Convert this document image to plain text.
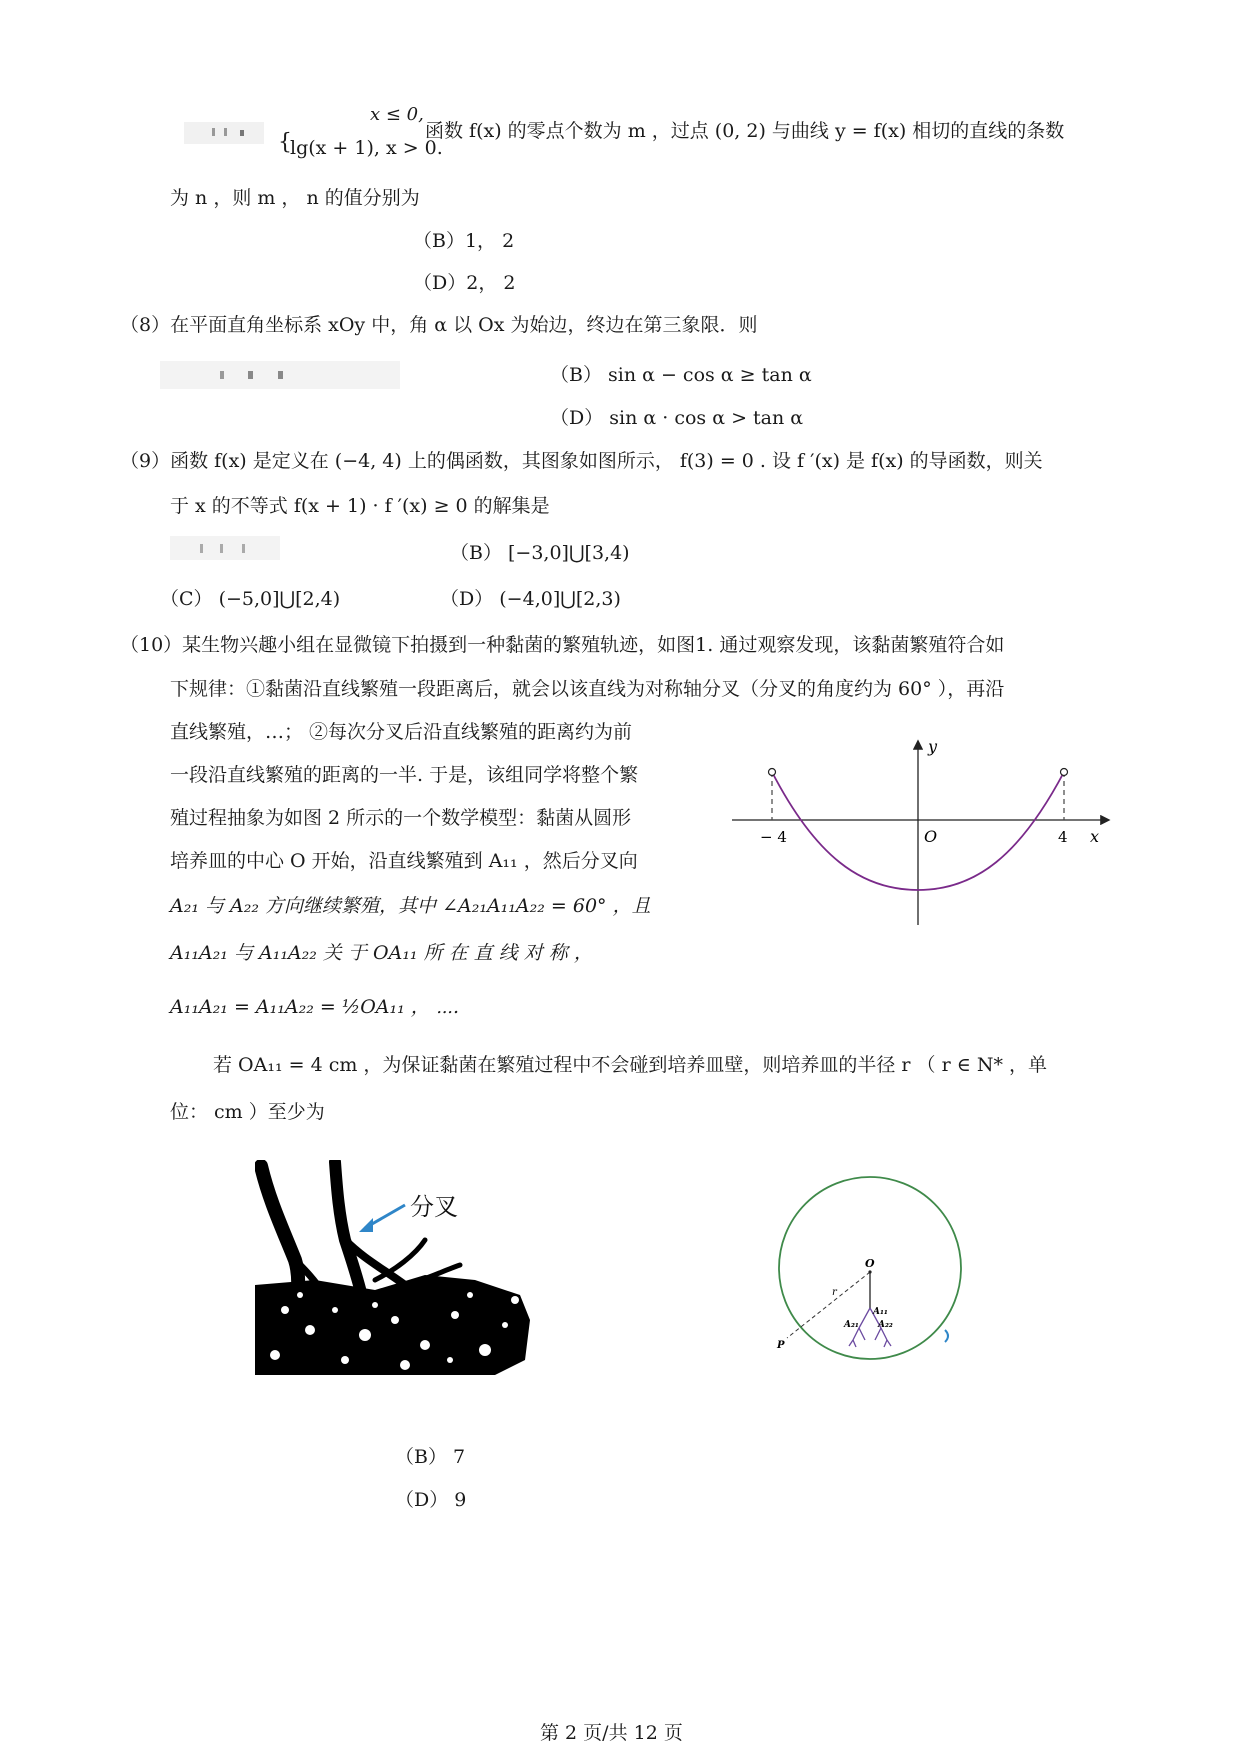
x ≤ 0,
{
lg(x + 1), x > 0.
函数 f(x) 的零点个数为 m ，过点 (0, 2) 与曲线 y = f(x) 相切的直线的条数
为 n ，则 m ， n 的值分别为
（B）1， 2
（D）2， 2
（8）在平面直角坐标系 xOy 中，角 α 以 Ox 为始边，终边在第三象限．则
（B） sin α − cos α ≥ tan α
（D） sin α · cos α > tan α
（9）函数 f(x) 是定义在 (−4, 4) 上的偶函数，其图象如图所示， f(3) = 0 . 设 f ′(x) 是 f(x) 的导函数，则关
于 x 的不等式 f(x + 1) · f ′(x) ≥ 0 的解集是
（B） [−3,0]⋃[3,4)
（C） (−5,0]⋃[2,4)	（D） (−4,0]⋃[2,3)
（10）某生物兴趣小组在显微镜下拍摄到一种黏菌的繁殖轨迹，如图1. 通过观察发现，该黏菌繁殖符合如
下规律：①黏菌沿直线繁殖一段距离后，就会以该直线为对称轴分叉（分叉的角度约为 60° ），再沿
直线繁殖，…； ②每次分叉后沿直线繁殖的距离约为前
一段沿直线繁殖的距离的一半. 于是，该组同学将整个繁
殖过程抽象为如图 2 所示的一个数学模型：黏菌从圆形
培养皿的中心 O 开始，沿直线繁殖到 A₁₁ ，然后分叉向
A₂₁ 与 A₂₂ 方向继续繁殖，其中 ∠A₂₁A₁₁A₂₂ = 60° ，且
A₁₁A₂₁ 与 A₁₁A₂₂ 关 于 OA₁₁ 所 在 直 线 对 称 ，
A₁₁A₂₁ = A₁₁A₂₂ = ½OA₁₁ ， ⋯.
若 OA₁₁ = 4 cm ，为保证黏菌在繁殖过程中不会碰到培养皿壁，则培养皿的半径 r （ r ∈ N* ，单
位： cm ）至少为
y
x
O
− 4	4
分叉
O
r
A₁₁
A₂₁ A₂₂
P
（B） 7
（D） 9
第 2 页/共 12 页
